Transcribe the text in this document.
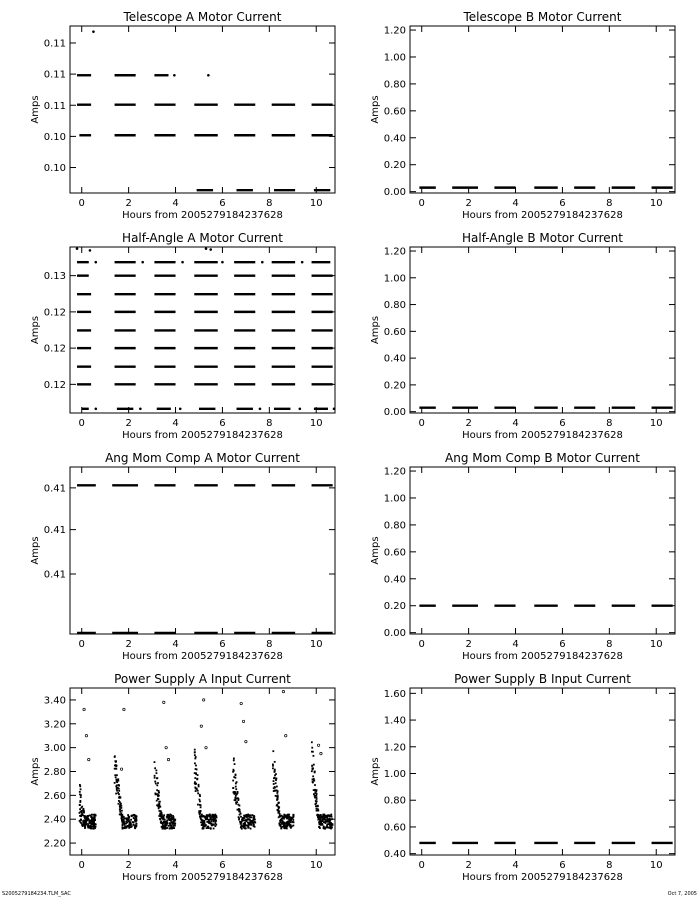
Telescope A Motor Current
Hours from 2005279184237628
Amps
0	2	4	6	8	10
0.10
0.10
0.11
0.11
0.11
Telescope B Motor Current
Hours from 2005279184237628
Amps
0	2	4	6	8	10
0.00
0.20
0.40
0.60
0.80
1.00
1.20
Half-Angle A Motor Current
Hours from 2005279184237628
Amps
0	2	4	6	8	10
0.12
0.12
0.12
0.13
Half-Angle B Motor Current
Hours from 2005279184237628
Amps
0	2	4	6	8	10
0.00
0.20
0.40
0.60
0.80
1.00
1.20
Ang Mom Comp A Motor Current
Hours from 2005279184237628
Amps
0	2	4	6	8	10
0.41
0.41
0.41
Ang Mom Comp B Motor Current
Hours from 2005279184237628
Amps
0	2	4	6	8	10
0.00
0.20
0.40
0.60
0.80
1.00
1.20
Power Supply A Input Current
Hours from 2005279184237628
Amps
0	2	4	6	8	10
2.20
2.40
2.60
2.80
3.00
3.20
3.40
Power Supply B Input Current
Hours from 2005279184237628
Amps
0	2	4	6	8	10
0.40
0.60
0.80
1.00
1.20
1.40
1.60
S2005279184234.TLM_SAC	Oct 7, 2005
